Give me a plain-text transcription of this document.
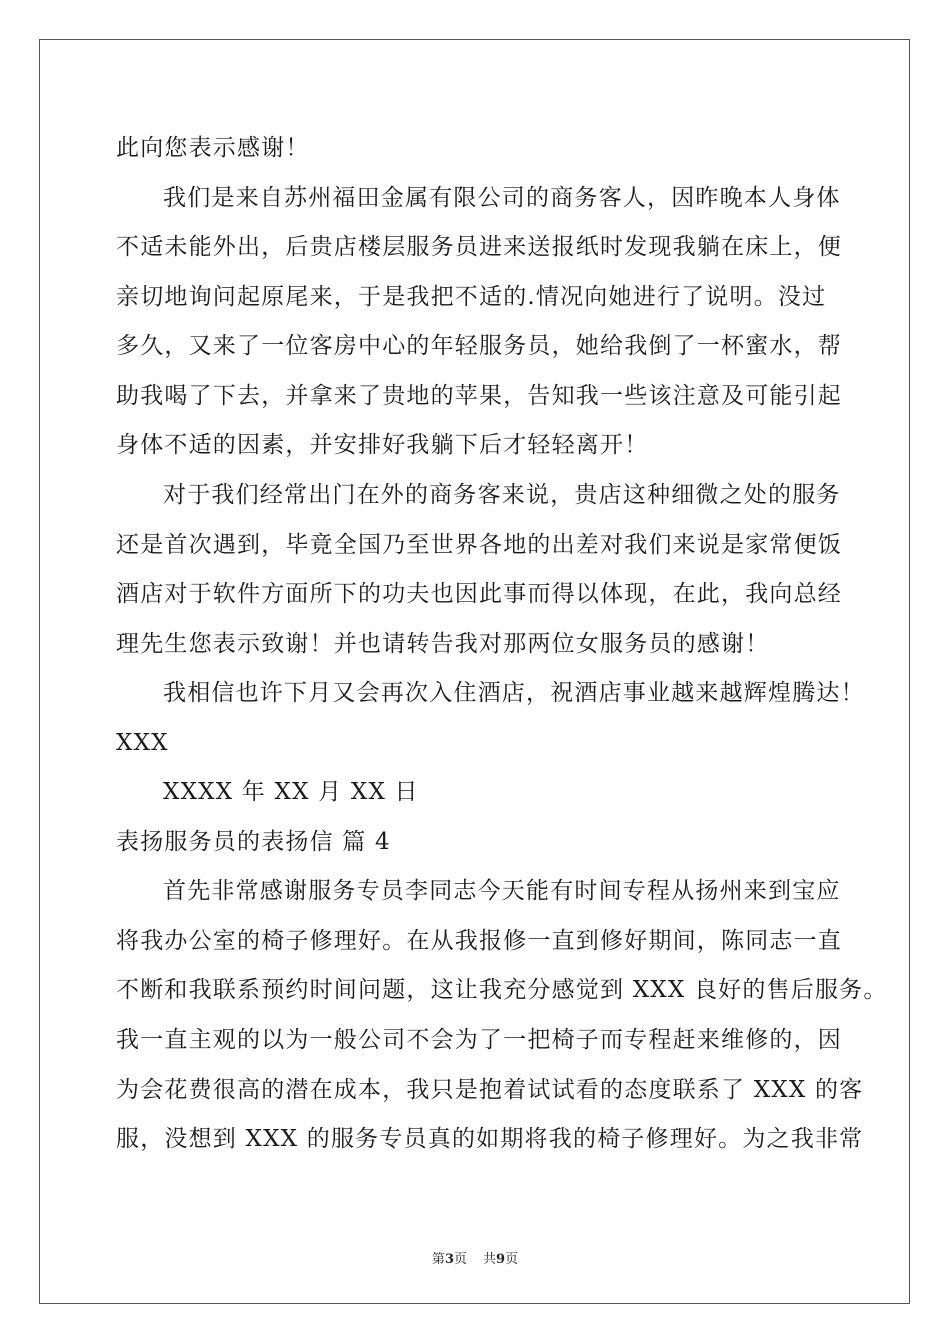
此向您表示感谢！
我们是来自苏州福田金属有限公司的商务客人，因昨晚本人身体
不适未能外出，后贵店楼层服务员进来送报纸时发现我躺在床上，便
亲切地询问起原尾来，于是我把不适的.情况向她进行了说明。没过
多久，又来了一位客房中心的年轻服务员，她给我倒了一杯蜜水，帮
助我喝了下去，并拿来了贵地的苹果，告知我一些该注意及可能引起
身体不适的因素，并安排好我躺下后才轻轻离开！
对于我们经常出门在外的商务客来说，贵店这种细微之处的服务
还是首次遇到，毕竟全国乃至世界各地的出差对我们来说是家常便饭
酒店对于软件方面所下的功夫也因此事而得以体现，在此，我向总经
理先生您表示致谢！并也请转告我对那两位女服务员的感谢！
我相信也许下月又会再次入住酒店，祝酒店事业越来越辉煌腾达！
XXX
XXXX 年 XX 月 XX 日
表扬服务员的表扬信 篇 4
首先非常感谢服务专员李同志今天能有时间专程从扬州来到宝应
将我办公室的椅子修理好。在从我报修一直到修好期间，陈同志一直
不断和我联系预约时间问题，这让我充分感觉到 XXX 良好的售后服务。
我一直主观的以为一般公司不会为了一把椅子而专程赶来维修的，因
为会花费很高的潜在成本，我只是抱着试试看的态度联系了 XXX 的客
服，没想到 XXX 的服务专员真的如期将我的椅子修理好。为之我非常
第3页 共9页
